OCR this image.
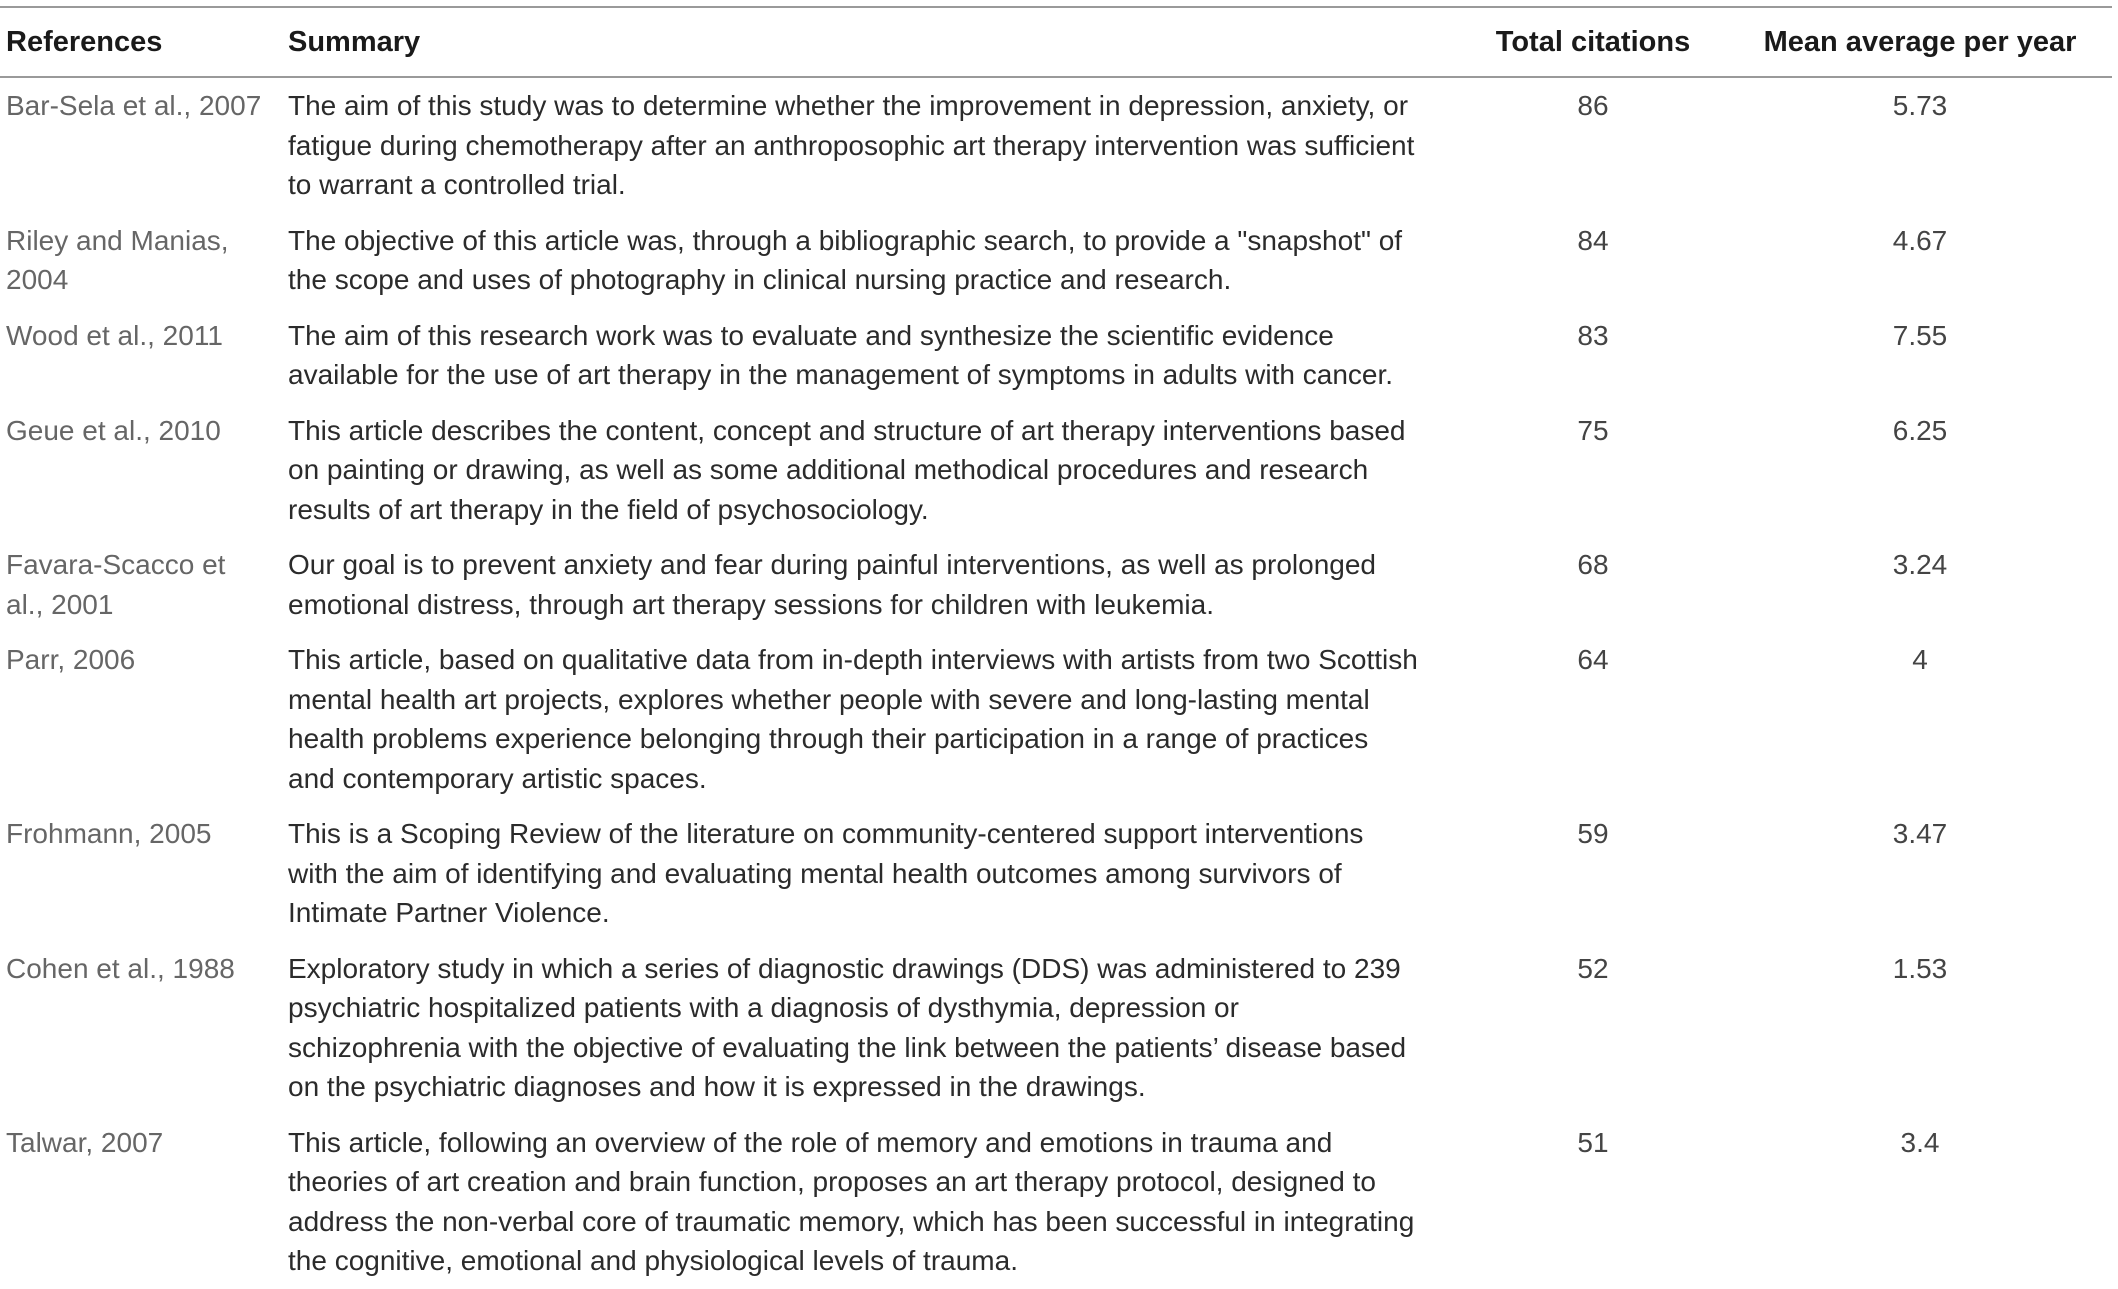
References	Summary	Total citations	Mean average per year
Bar-Sela et al., 2007	The aim of this study was to determine whether the improvement in depression, anxiety, or fatigue during chemotherapy after an anthroposophic art therapy intervention was sufficient to warrant a controlled trial.	86	5.73
Riley and Manias, 2004	The objective of this article was, through a bibliographic search, to provide a "snapshot" of the scope and uses of photography in clinical nursing practice and research.	84	4.67
Wood et al., 2011	The aim of this research work was to evaluate and synthesize the scientific evidence available for the use of art therapy in the management of symptoms in adults with cancer.	83	7.55
Geue et al., 2010	This article describes the content, concept and structure of art therapy interventions based on painting or drawing, as well as some additional methodical procedures and research results of art therapy in the field of psychosociology.	75	6.25
Favara-Scacco et al., 2001	Our goal is to prevent anxiety and fear during painful interventions, as well as prolonged emotional distress, through art therapy sessions for children with leukemia.	68	3.24
Parr, 2006	This article, based on qualitative data from in-depth interviews with artists from two Scottish mental health art projects, explores whether people with severe and long-lasting mental health problems experience belonging through their participation in a range of practices and contemporary artistic spaces.	64	4
Frohmann, 2005	This is a Scoping Review of the literature on community-centered support interventions with the aim of identifying and evaluating mental health outcomes among survivors of Intimate Partner Violence.	59	3.47
Cohen et al., 1988	Exploratory study in which a series of diagnostic drawings (DDS) was administered to 239 psychiatric hospitalized patients with a diagnosis of dysthymia, depression or schizophrenia with the objective of evaluating the link between the patients’ disease based on the psychiatric diagnoses and how it is expressed in the drawings.	52	1.53
Talwar, 2007	This article, following an overview of the role of memory and emotions in trauma and theories of art creation and brain function, proposes an art therapy protocol, designed to address the non-verbal core of traumatic memory, which has been successful in integrating the cognitive, emotional and physiological levels of trauma.	51	3.4
